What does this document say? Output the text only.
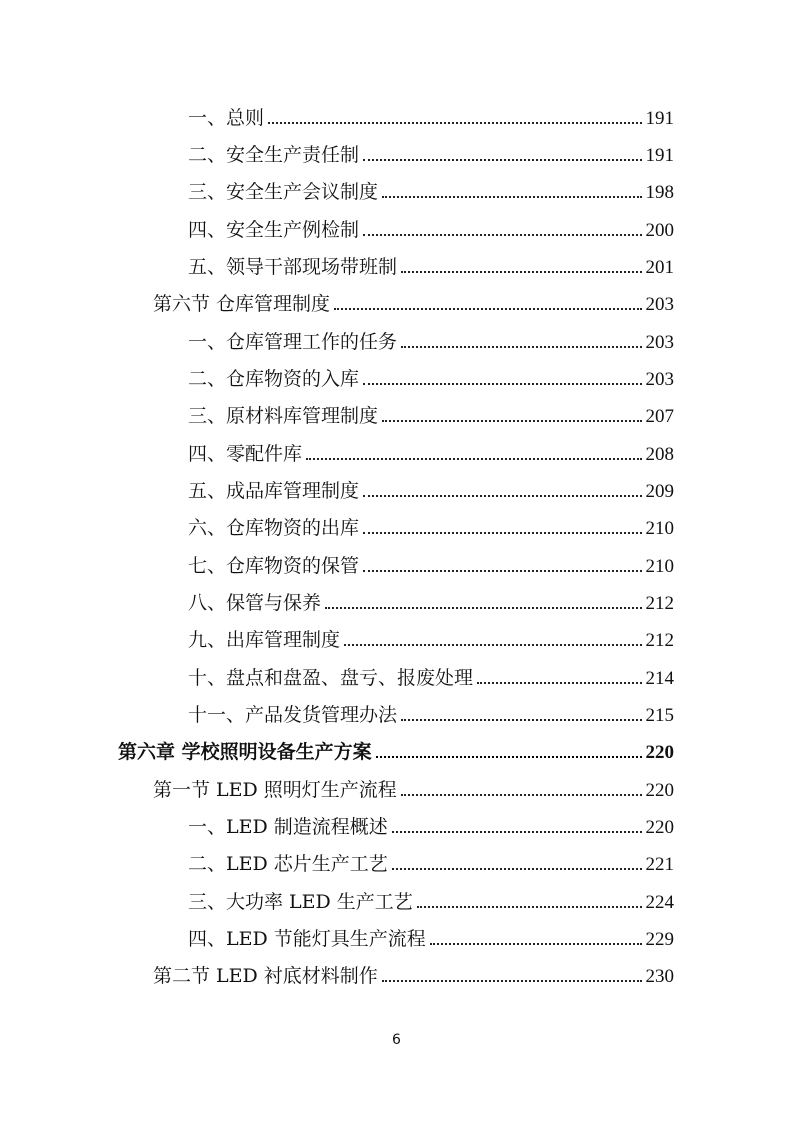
一、总则	191
二、安全生产责任制	191
三、安全生产会议制度	198
四、安全生产例检制	200
五、领导干部现场带班制	201
第六节 仓库管理制度	203
一、仓库管理工作的任务	203
二、仓库物资的入库	203
三、原材料库管理制度	207
四、零配件库	208
五、成品库管理制度	209
六、仓库物资的出库	210
七、仓库物资的保管	210
八、保管与保养	212
九、出库管理制度	212
十、盘点和盘盈、盘亏、报废处理	214
十一、产品发货管理办法	215
第六章 学校照明设备生产方案	220
第一节 LED 照明灯生产流程	220
一、LED 制造流程概述	220
二、LED 芯片生产工艺	221
三、大功率 LED 生产工艺	224
四、LED 节能灯具生产流程	229
第二节 LED 衬底材料制作	230
6
